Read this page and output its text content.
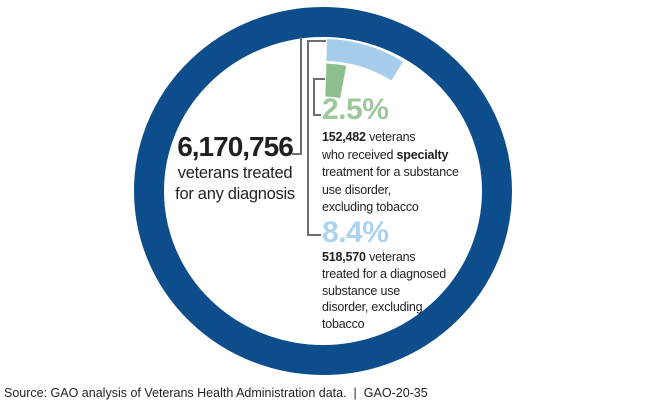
6,170,756
veterans treated
for any diagnosis
2.5%
152,482 veterans
who received specialty
treatment for a substance
use disorder,
excluding tobacco
8.4%
518,570 veterans
treated for a diagnosed
substance use
disorder, excluding
tobacco
Source: GAO analysis of Veterans Health Administration data. | GAO-20-35
